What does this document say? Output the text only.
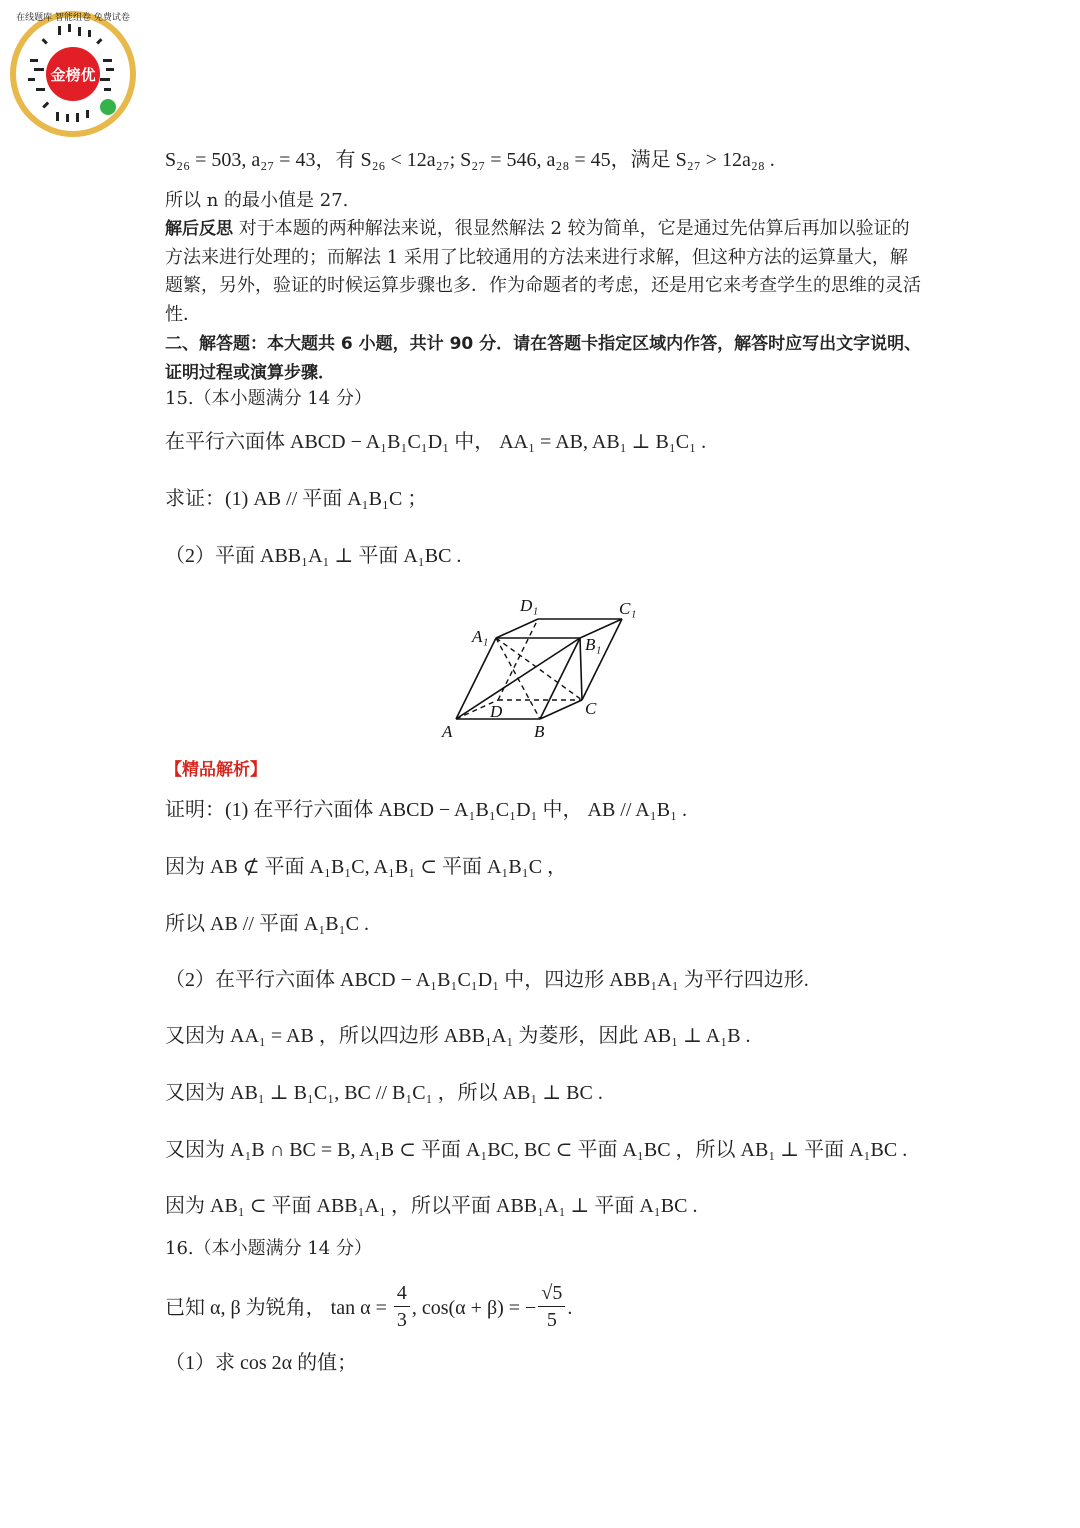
金榜优
在线题库 智能组卷 免费试卷
S₂₆ = 503, a₂₇ = 43，有 S₂₆ < 12a₂₇; S₂₇ = 546, a₂₈ = 45，满足 S₂₇ > 12a₂₈ .
所以 n 的最小值是 27.
解后反思 对于本题的两种解法来说，很显然解法 2 较为简单，它是通过先估算后再加以验证的方法来进行处理的；而解法 1 采用了比较通用的方法来进行求解，但这种方法的运算量大，解题繁，另外，验证的时候运算步骤也多．作为命题者的考虑，还是用它来考查学生的思维的灵活性．
二、解答题：本大题共 6 小题，共计 90 分．请在答题卡指定区域内作答，解答时应写出文字说明、证明过程或演算步骤．
15.（本小题满分 14 分）
在平行六面体 ABCD − A₁B₁C₁D₁ 中， AA₁ = AB, AB₁ ⊥ B₁C₁ .
求证：(1) AB // 平面 A₁B₁C ；
（2）平面 ABB₁A₁ ⊥ 平面 A₁BC .
A	B
C
D
A₁	B₁
C₁
D₁
【精品解析】
证明：(1) 在平行六面体 ABCD − A₁B₁C₁D₁ 中， AB // A₁B₁ .
因为 AB ⊄ 平面 A₁B₁C, A₁B₁ ⊂ 平面 A₁B₁C ，
所以 AB // 平面 A₁B₁C .
（2）在平行六面体 ABCD − A₁B₁C₁D₁ 中，四边形 ABB₁A₁ 为平行四边形.
又因为 AA₁ = AB ，所以四边形 ABB₁A₁ 为菱形，因此 AB₁ ⊥ A₁B .
又因为 AB₁ ⊥ B₁C₁, BC // B₁C₁ ，所以 AB₁ ⊥ BC .
又因为 A₁B ∩ BC = B, A₁B ⊂ 平面 A₁BC, BC ⊂ 平面 A₁BC ，所以 AB₁ ⊥ 平面 A₁BC .
因为 AB₁ ⊂ 平面 ABB₁A₁ ，所以平面 ABB₁A₁ ⊥ 平面 A₁BC .
16.（本小题满分 14 分）
已知 α, β 为锐角， $\tan \alpha = \frac{4}{3}$ , cos(α + β) = − $\frac{√5}{5}$ .
（1）求 cos 2α 的值；
